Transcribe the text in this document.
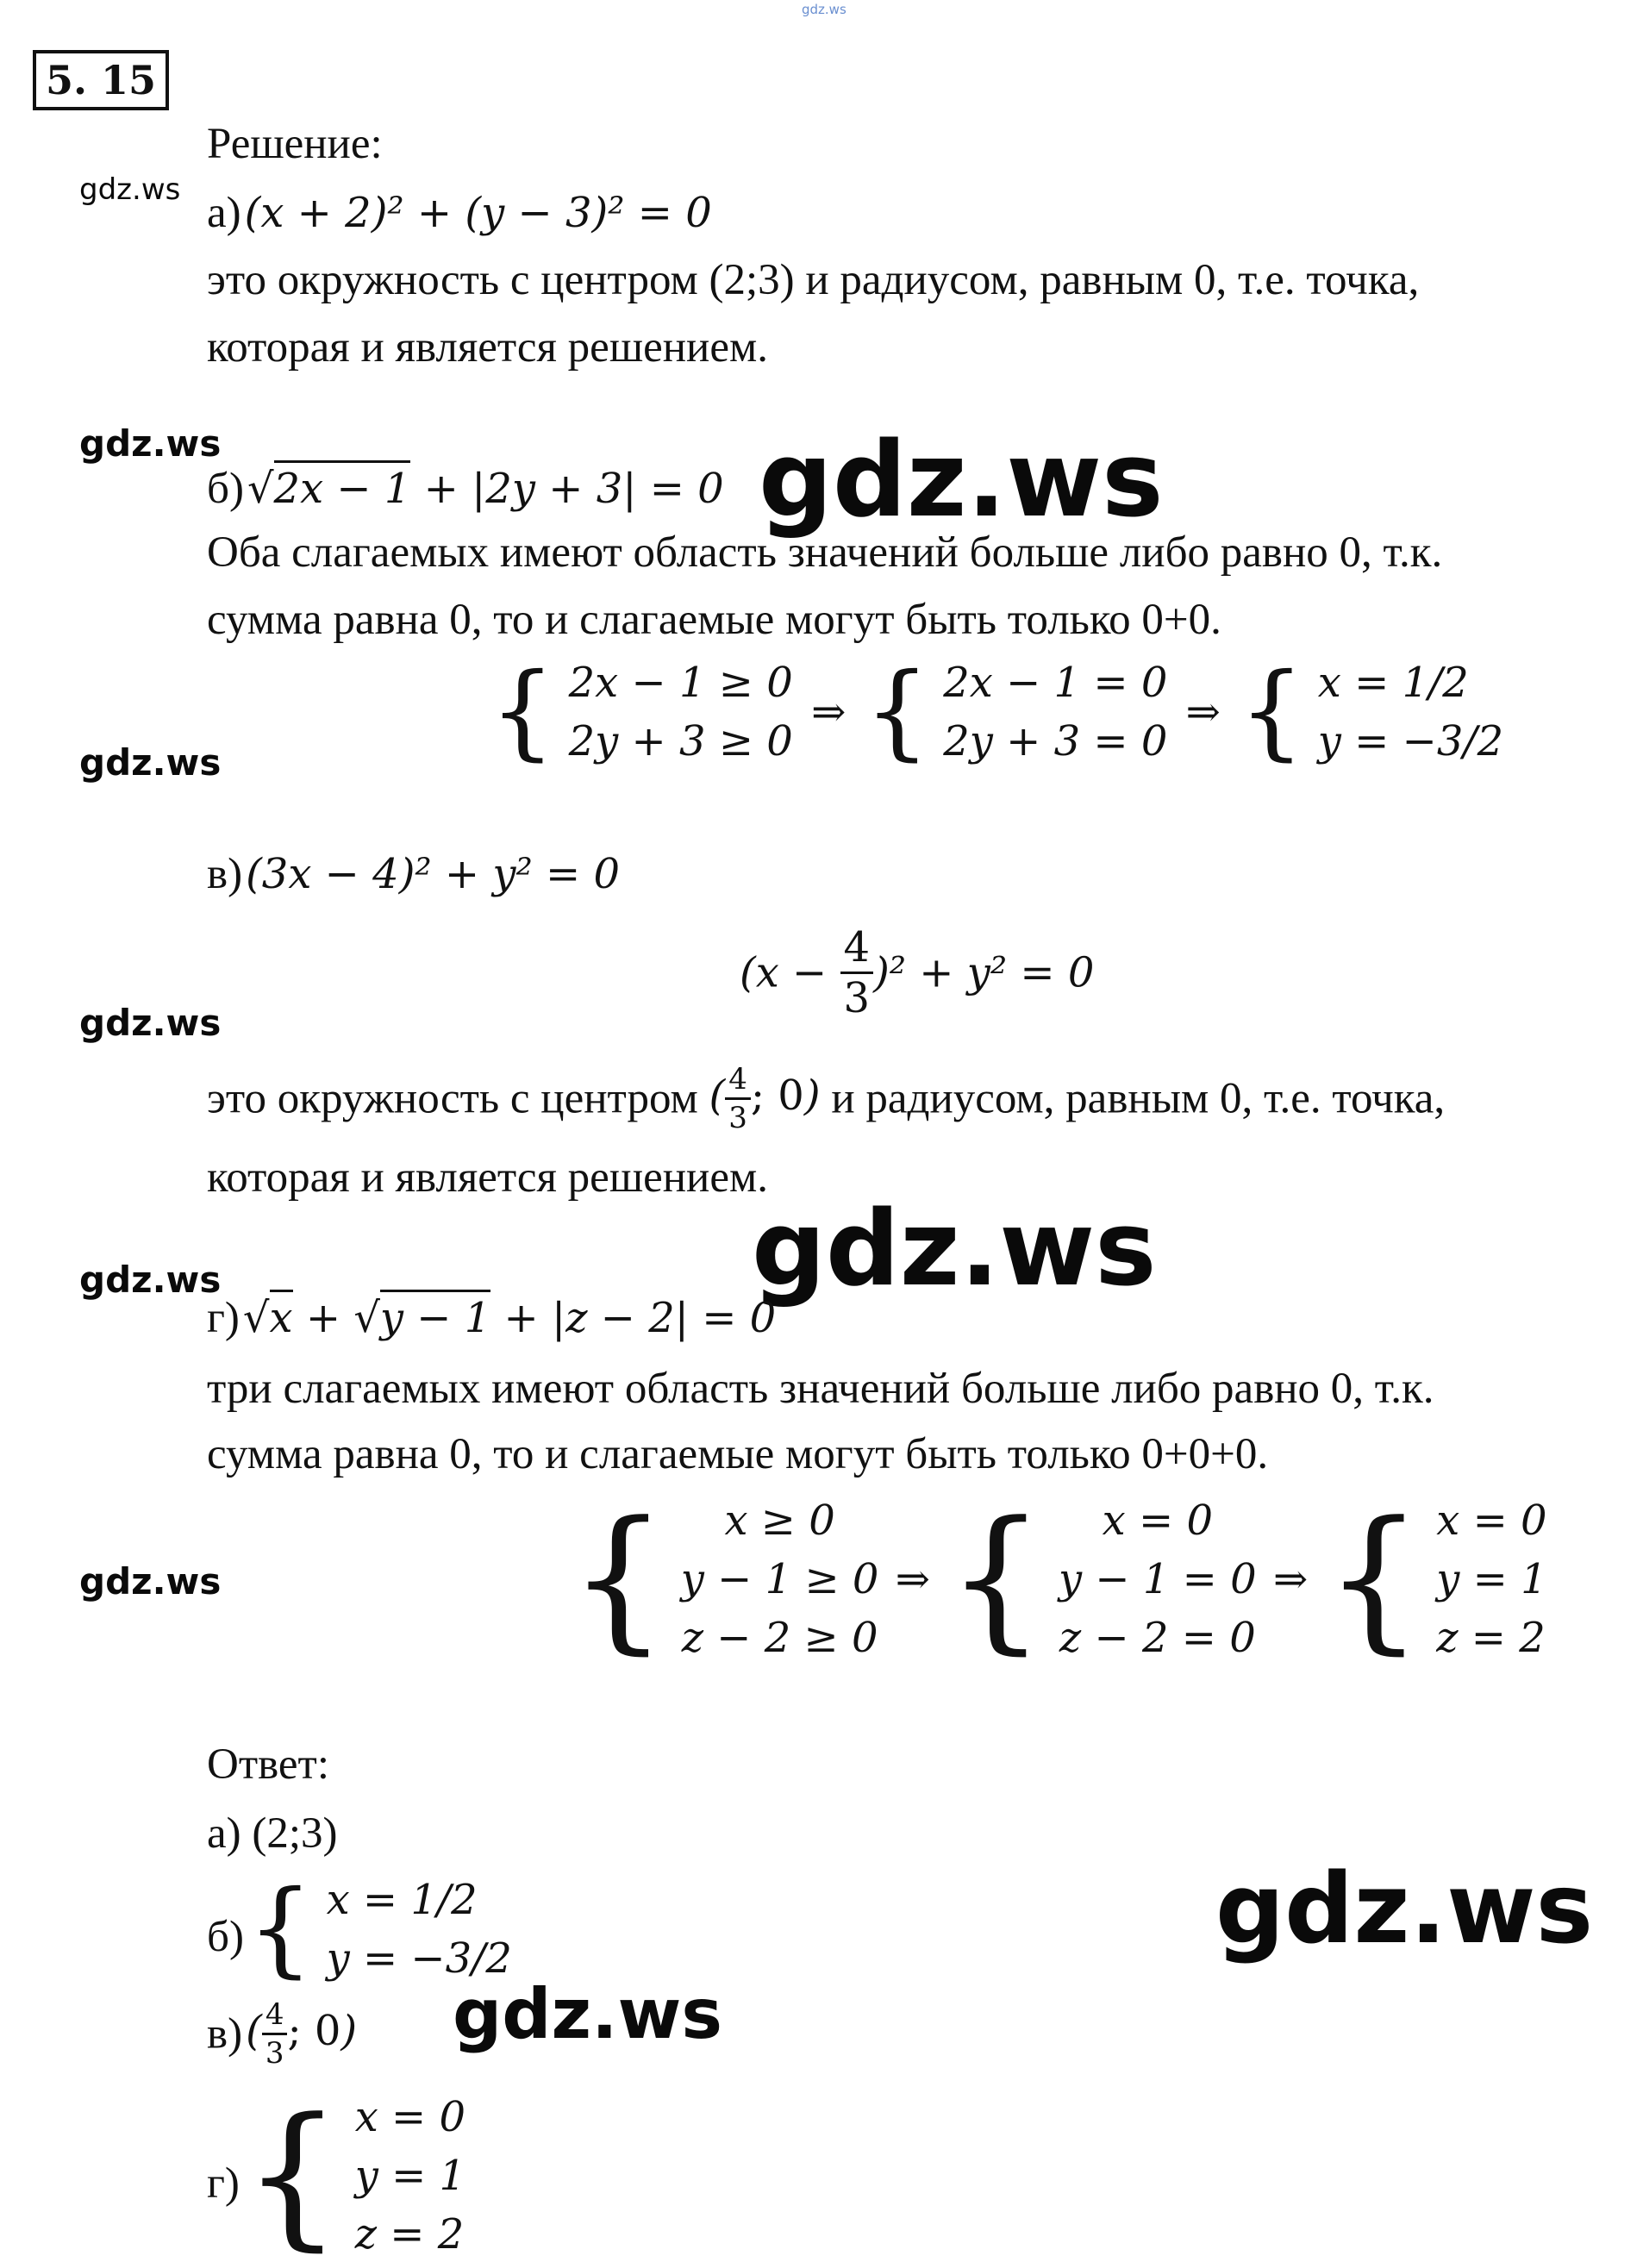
gdz.ws
5. 15
Решение:
gdz.ws а) (x + 2)² + (y − 3)² = 0
это окружность с центром (2;3) и радиусом, равным 0, т.е. точка,
которая и является решением.
gdz.ws
б) √2x − 1 + |2y + 3| = 0 gdz.ws
Оба слагаемых имеют область значений больше либо равно 0, т.к.
сумма равна 0, то и слагаемые могут быть только 0+0.
{ 2x − 1 ≥ 0
2y + 3 ≥ 0
⇒ { 2x − 1 = 0
2y + 3 = 0
⇒ { x = 1/2
y = −3/2
gdz.ws
в) (3x − 4)² + y² = 0
$(x - \frac{4}{3} )^2 + y^2 = 0$
gdz.ws
это окружность с центром ( $\frac{4}{3}$ ; 0) и радиусом, равным 0, т.е. точка,
которая и является решением.
gdz.ws
gdz.ws
г) √x + √y − 1 + |z − 2| = 0
три слагаемых имеют область значений больше либо равно 0, т.к.
сумма равна 0, то и слагаемые могут быть только 0+0+0.
{	x ≥ 0
y − 1 ≥ 0
z − 2 ≥ 0
⇒ {	x = 0
y − 1 = 0
z − 2 = 0
⇒ { x = 0
y = 1
z = 2
gdz.ws
Ответ:
а) (2;3)
б) { x = 1/2
y = −3/2	gdz.ws
gdz.ws
в) ( $\frac{4}{3}$ ; 0)
г) { x = 0
y = 1
z = 2
